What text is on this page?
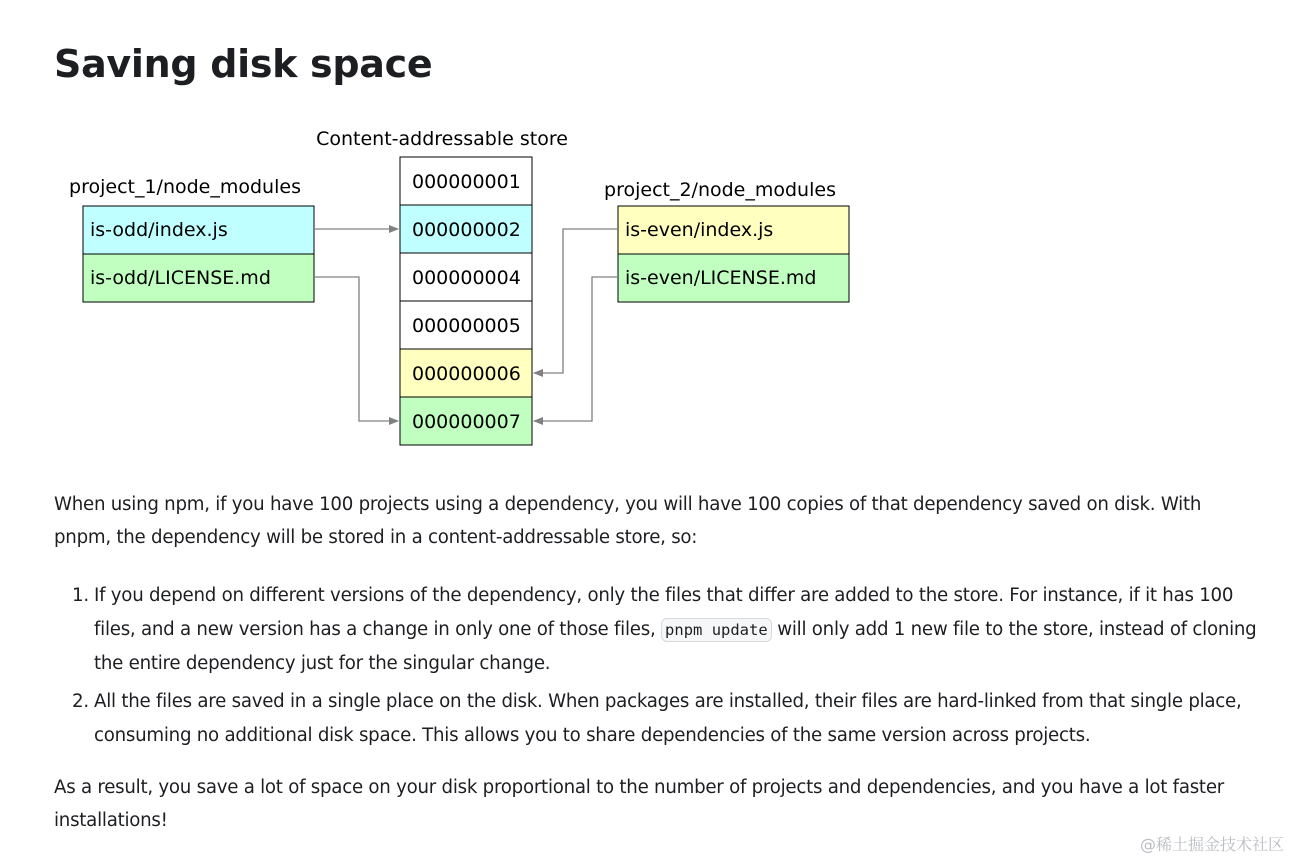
Saving disk space
Content-addressable store
project_1/node_modules	project_2/node_modules
000000001
000000002
000000004
000000005
000000006
000000007
is-odd/index.js
is-odd/LICENSE.md
is-even/index.js
is-even/LICENSE.md

When using npm, if you have 100 projects using a dependency, you will have 100 copies of that dependency saved on disk. With pnpm, the dependency will be stored in a content-addressable store, so:

1. If you depend on different versions of the dependency, only the files that differ are added to the store. For instance, if it has 100 files, and a new version has a change in only one of those files, pnpm update will only add 1 new file to the store, instead of cloning the entire dependency just for the singular change.
2. All the files are saved in a single place on the disk. When packages are installed, their files are hard-linked from that single place, consuming no additional disk space. This allows you to share dependencies of the same version across projects.

As a result, you save a lot of space on your disk proportional to the number of projects and dependencies, and you have a lot faster installations!

@稀土掘金技术社区
